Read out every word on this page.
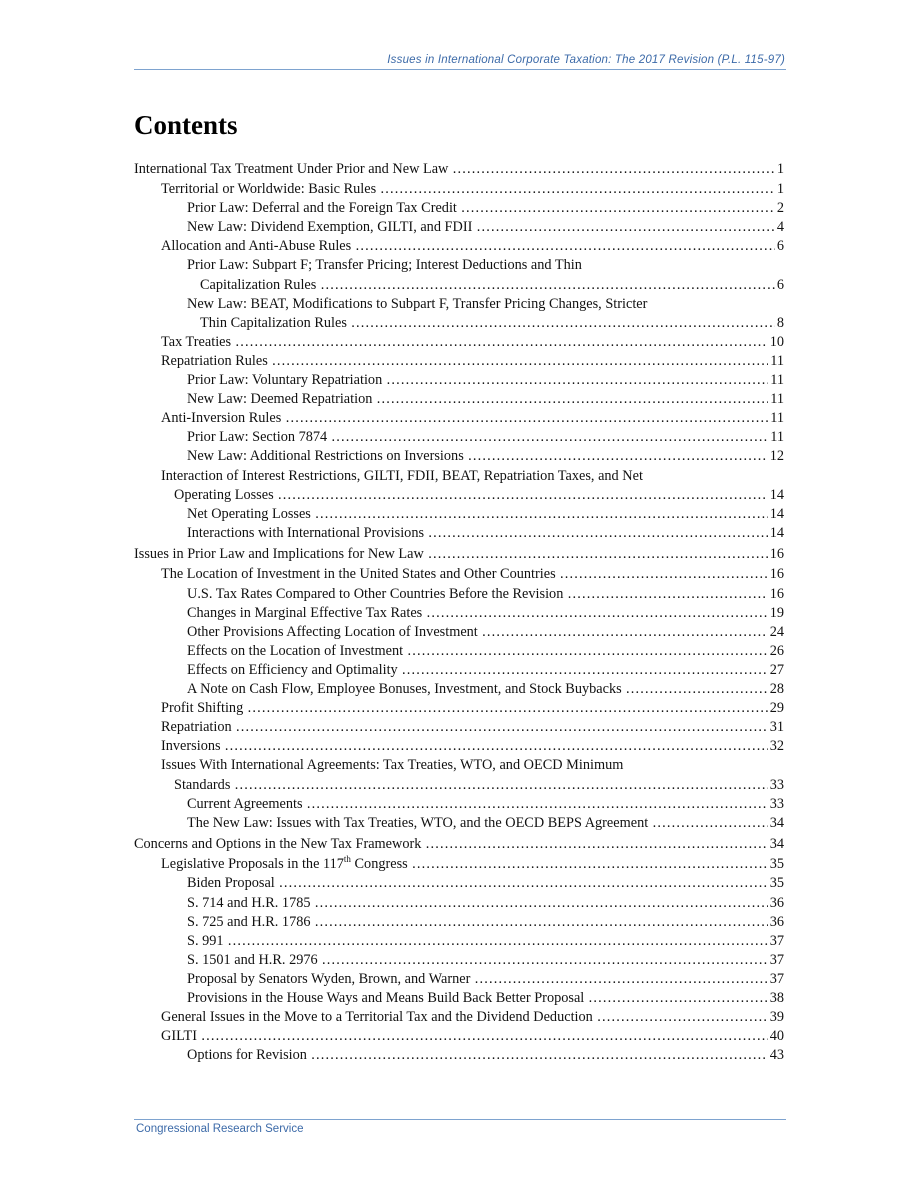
Issues in International Corporate Taxation: The 2017 Revision (P.L. 115-97)
Contents
International Tax Treatment Under Prior and New Law . . .	1
Territorial or Worldwide: Basic Rules . . .	1
Prior Law: Deferral and the Foreign Tax Credit . . .	2
New Law: Dividend Exemption, GILTI, and FDII . . .	4
Allocation and Anti-Abuse Rules . . .	6
Prior Law: Subpart F; Transfer Pricing; Interest Deductions and Thin
Capitalization Rules . . .	6
New Law: BEAT, Modifications to Subpart F, Transfer Pricing Changes, Stricter
Thin Capitalization Rules . . .	8
Tax Treaties . . .	10
Repatriation Rules . . .	11
Prior Law: Voluntary Repatriation . . .	11
New Law: Deemed Repatriation . . .	11
Anti-Inversion Rules . . .	11
Prior Law: Section 7874 . . .	11
New Law: Additional Restrictions on Inversions . . .	12
Interaction of Interest Restrictions, GILTI, FDII, BEAT, Repatriation Taxes, and Net
Operating Losses . . .	14
Net Operating Losses . . .	14
Interactions with International Provisions . . .	14
Issues in Prior Law and Implications for New Law . . .	16
The Location of Investment in the United States and Other Countries . . .	16
U.S. Tax Rates Compared to Other Countries Before the Revision . . .	16
Changes in Marginal Effective Tax Rates . . .	19
Other Provisions Affecting Location of Investment . . .	24
Effects on the Location of Investment . . .	26
Effects on Efficiency and Optimality . . .	27
A Note on Cash Flow, Employee Bonuses, Investment, and Stock Buybacks . . .	28
Profit Shifting . . .	29
Repatriation . . .	31
Inversions . . .	32
Issues With International Agreements: Tax Treaties, WTO, and OECD Minimum
Standards . . .	33
Current Agreements . . .	33
The New Law: Issues with Tax Treaties, WTO, and the OECD BEPS Agreement . . .	34
Concerns and Options in the New Tax Framework . . .	34
Legislative Proposals in the 117th Congress . . .	35
Biden Proposal . . .	35
S. 714 and H.R. 1785 . . .	36
S. 725 and H.R. 1786 . . .	36
S. 991 . . .	37
S. 1501 and H.R. 2976 . . .	37
Proposal by Senators Wyden, Brown, and Warner . . .	37
Provisions in the House Ways and Means Build Back Better Proposal . . .	38
General Issues in the Move to a Territorial Tax and the Dividend Deduction . . .	39
GILTI . . .	40
Options for Revision . . .	43
Congressional Research Service
